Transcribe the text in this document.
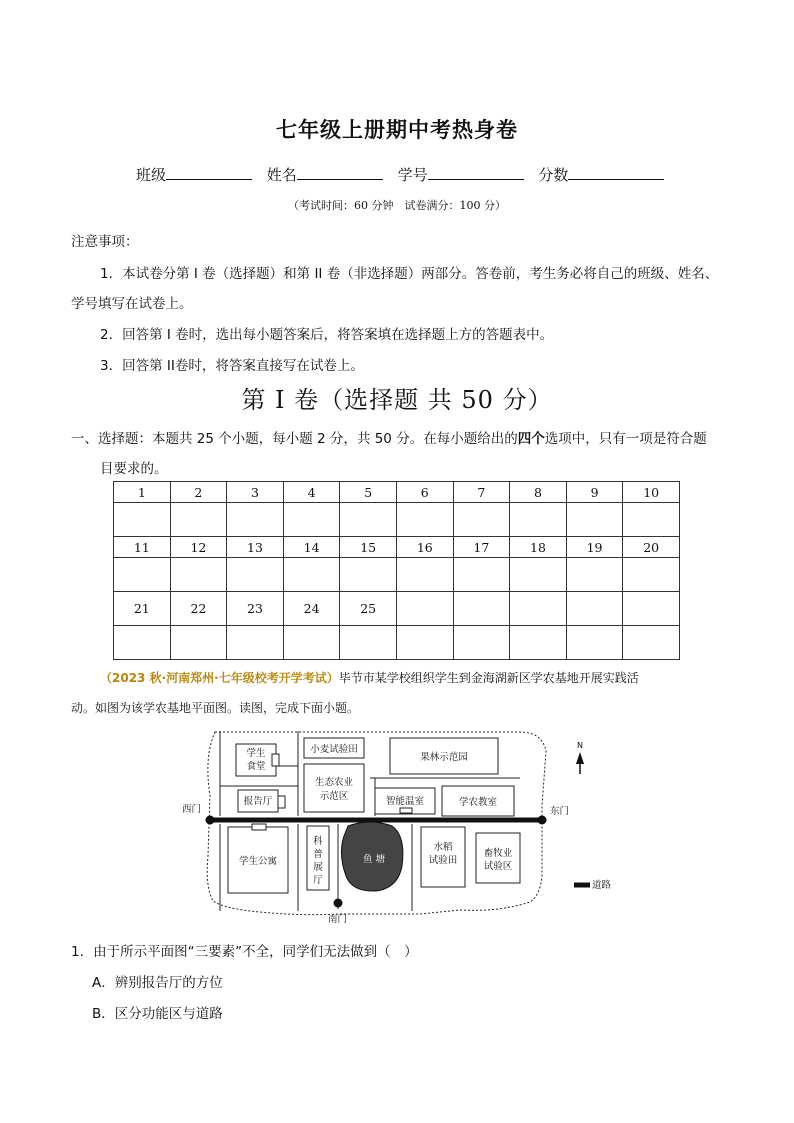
七年级上册期中考热身卷
班级	姓名	学号	分数
（考试时间：60 分钟　试卷满分：100 分）
注意事项：
1．本试卷分第 I 卷（选择题）和第 II 卷（非选择题）两部分。答卷前，考生务必将自己的班级、姓名、
学号填写在试卷上。
2．回答第 I 卷时，选出每小题答案后，将答案填在选择题上方的答题表中。
3．回答第 II卷时，将答案直接写在试卷上。
第 I 卷（选择题 共 50 分）
一、选择题：本题共 25 个小题，每小题 2 分，共 50 分。在每小题给出的四个选项中，只有一项是符合题
目要求的。
1	2	3	4	5	6	7	8	9	10

11	12	13	14	15	16	17	18	19	20

21	22	23	24	25					

（2023 秋·河南郑州·七年级校考开学考试）毕节市某学校组织学生到金海湖新区学农基地开展实践活
动。如图为该学农基地平面图。读图，完成下面小题。
学生
食堂
小麦试验田
果林示范园
生态农业
示范区
报告厅	智能温室	学农教室
西门	东门
南门
学生公寓
科
普
展
厅
鱼 塘
水稻
试验田
畜牧业
试验区
N
道路
1．由于所示平面图“三要素”不全，同学们无法做到（　）
A．辨别报告厅的方位
B．区分功能区与道路
